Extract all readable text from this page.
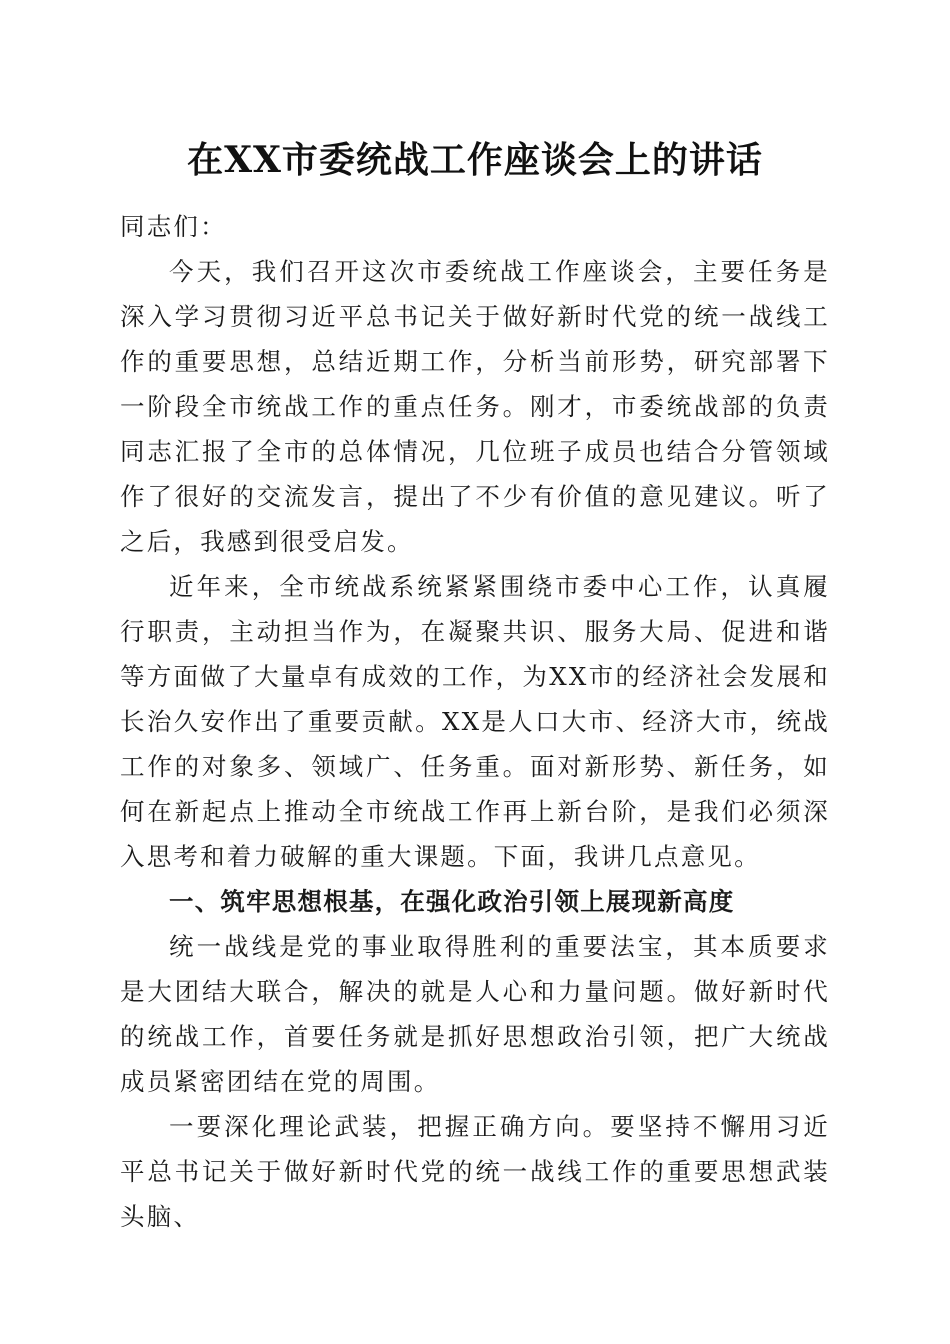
在XX市委统战工作座谈会上的讲话

同志们：

今天，我们召开这次市委统战工作座谈会，主要任务是深入学习贯彻习近平总书记关于做好新时代党的统一战线工作的重要思想，总结近期工作，分析当前形势，研究部署下一阶段全市统战工作的重点任务。刚才，市委统战部的负责同志汇报了全市的总体情况，几位班子成员也结合分管领域作了很好的交流发言，提出了不少有价值的意见建议。听了之后，我感到很受启发。

近年来，全市统战系统紧紧围绕市委中心工作，认真履行职责，主动担当作为，在凝聚共识、服务大局、促进和谐等方面做了大量卓有成效的工作，为XX市的经济社会发展和长治久安作出了重要贡献。XX是人口大市、经济大市，统战工作的对象多、领域广、任务重。面对新形势、新任务，如何在新起点上推动全市统战工作再上新台阶，是我们必须深入思考和着力破解的重大课题。下面，我讲几点意见。

一、筑牢思想根基，在强化政治引领上展现新高度

统一战线是党的事业取得胜利的重要法宝，其本质要求是大团结大联合，解决的就是人心和力量问题。做好新时代的统战工作，首要任务就是抓好思想政治引领，把广大统战成员紧密团结在党的周围。

一要深化理论武装，把握正确方向。要坚持不懈用习近平总书记关于做好新时代党的统一战线工作的重要思想武装头脑、
